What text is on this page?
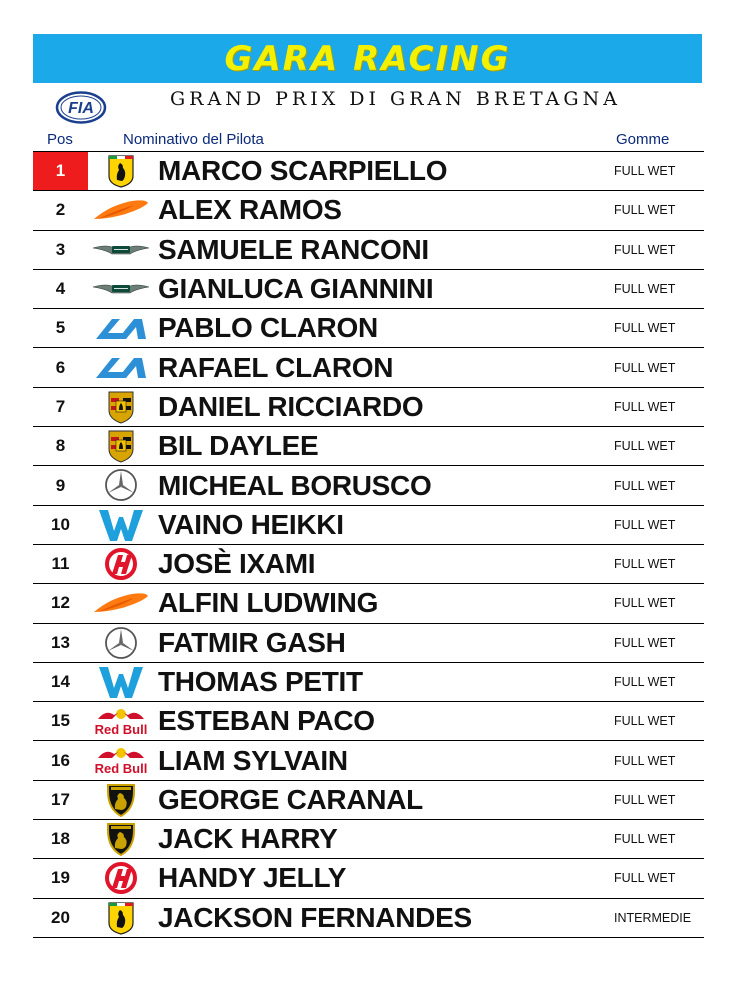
GARA RACING
FIA	GRAND PRIX DI GRAN BRETAGNA
Pos	Nominativo del Pilota	Gomme
1	MARCO SCARPIELLO	FULL WET
2	ALEX RAMOS	FULL WET
3	SAMUELE RANCONI	FULL WET
4	GIANLUCA GIANNINI	FULL WET
5	PABLO CLARON	FULL WET
6	RAFAEL CLARON	FULL WET
7	DANIEL RICCIARDO	FULL WET
8	BIL DAYLEE	FULL WET
9	MICHEAL BORUSCO	FULL WET
10	VAINO HEIKKI	FULL WET
11	JOSÈ IXAMI	FULL WET
12	ALFIN LUDWING	FULL WET
13	FATMIR GASH	FULL WET
14	THOMAS PETIT	FULL WET
15	Red Bull ESTEBAN PACO	FULL WET
16	Red Bull LIAM SYLVAIN	FULL WET
17	GEORGE CARANAL	FULL WET
18	JACK HARRY	FULL WET
19	HANDY JELLY	FULL WET
20	JACKSON FERNANDES	INTERMEDIE
